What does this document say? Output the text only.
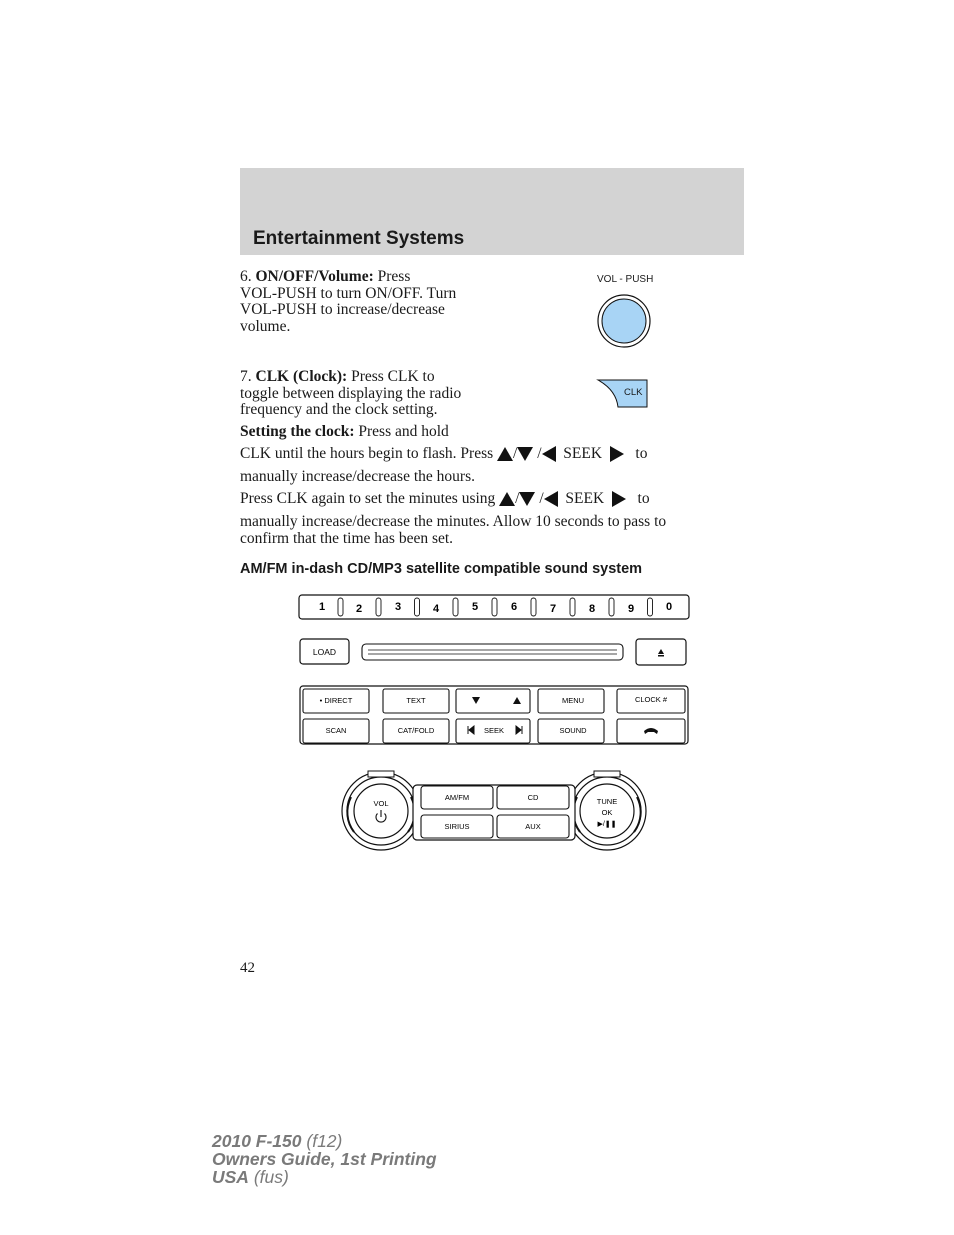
Entertainment Systems
6. ON/OFF/Volume: Press
VOL-PUSH to turn ON/OFF. Turn
VOL-PUSH to increase/decrease
volume.
VOL - PUSH
7. CLK (Clock): Press CLK to
toggle between displaying the radio
frequency and the clock setting.
CLK
Setting the clock: Press and hold
CLK until the hours begin to flash. Press / / SEEK to
manually increase/decrease the hours.
Press CLK again to set the minutes using / / SEEK to
manually increase/decrease the minutes. Allow 10 seconds to pass to
confirm that the time has been set.
AM/FM in-dash CD/MP3 satellite compatible sound system
1	2	3	4	5	6	7	8	9	0
LOAD
• DIRECT	TEXT	MENU	CLOCK #
SCAN	CAT/FOLD	SEEK	SOUND
VOL	TUNE
OK
▶/❚❚
AM/FM	CD
SIRIUS	AUX
42
2010 F-150 (f12)
Owners Guide, 1st Printing
USA (fus)
